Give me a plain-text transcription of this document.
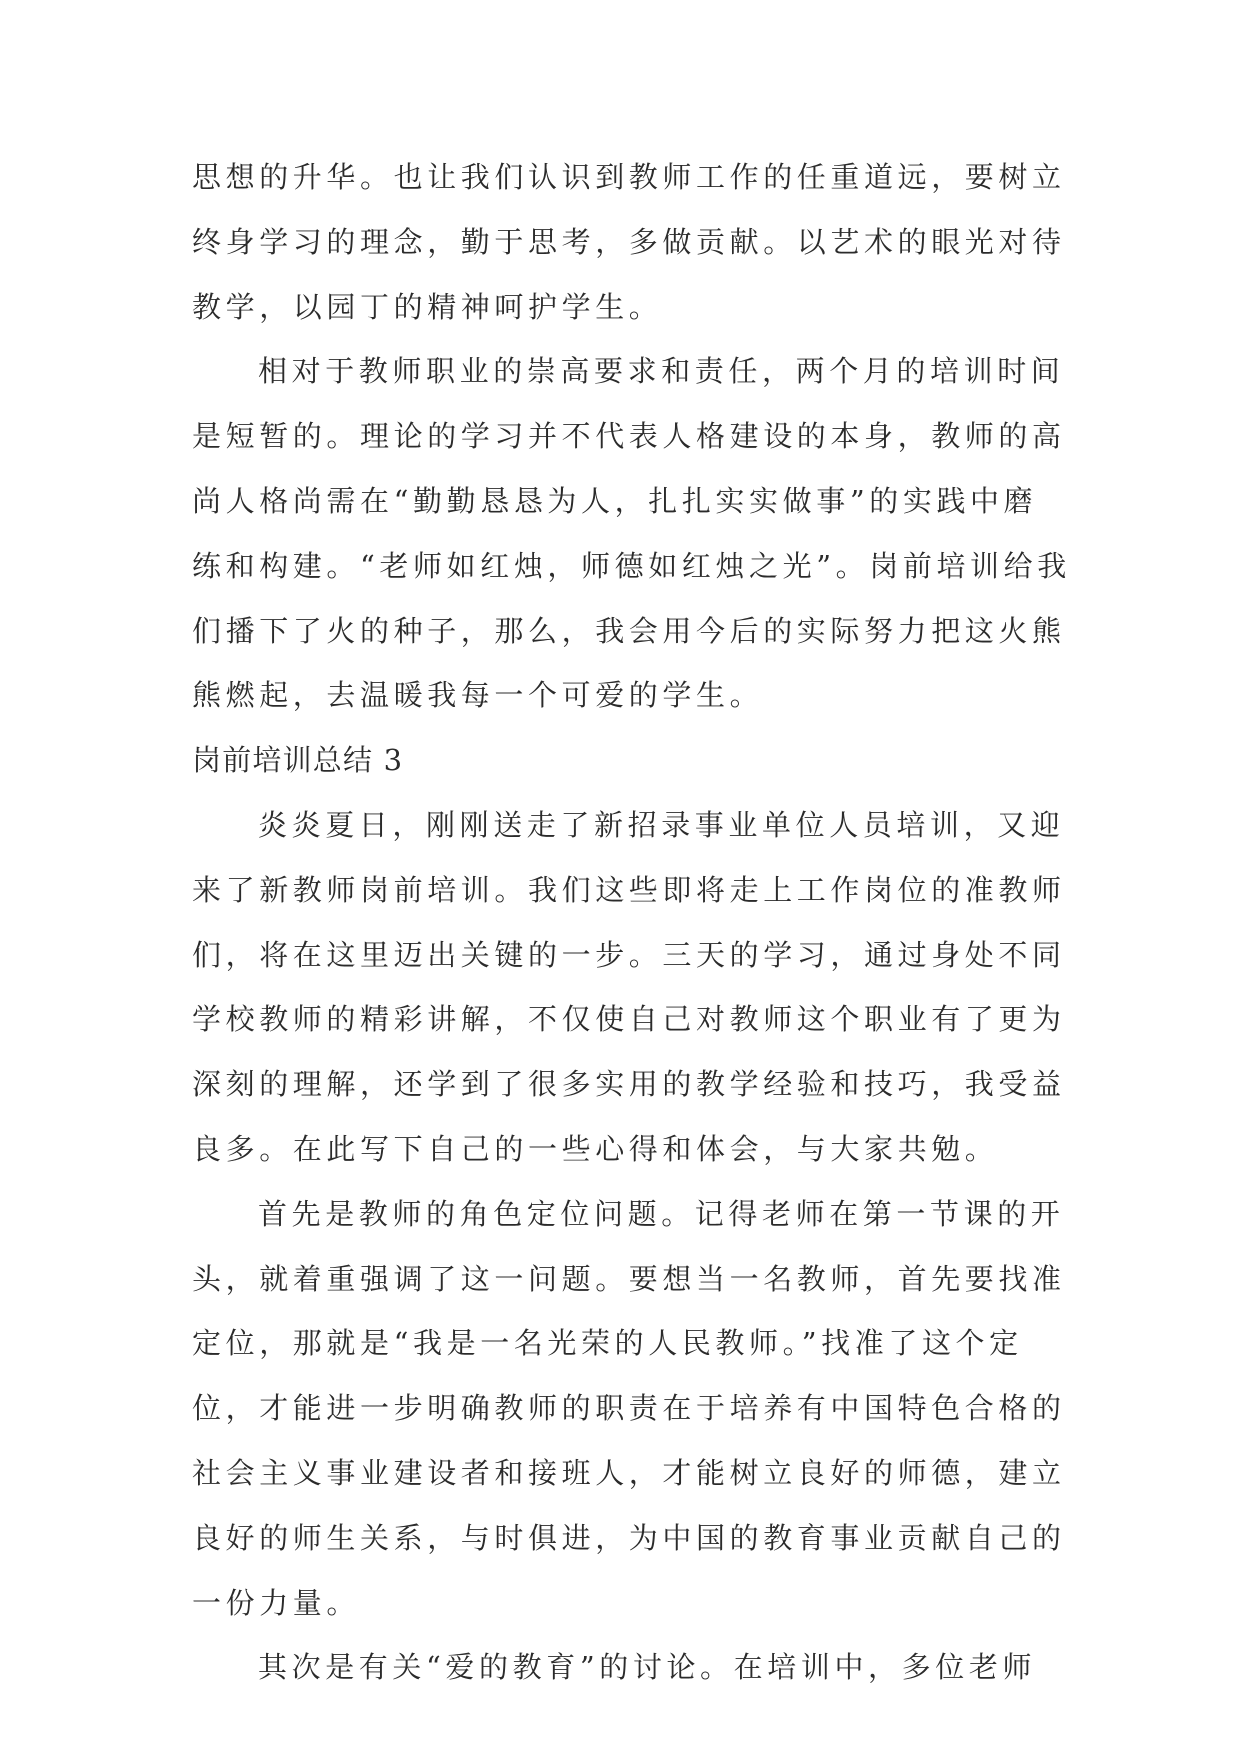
思想的升华。也让我们认识到教师工作的任重道远，要树立
终身学习的理念，勤于思考，多做贡献。以艺术的眼光对待
教学，以园丁的精神呵护学生。
相对于教师职业的崇高要求和责任，两个月的培训时间
是短暂的。理论的学习并不代表人格建设的本身，教师的高
尚人格尚需在“勤勤恳恳为人，扎扎实实做事”的实践中磨
练和构建。“老师如红烛，师德如红烛之光”。岗前培训给我
们播下了火的种子，那么，我会用今后的实际努力把这火熊
熊燃起，去温暖我每一个可爱的学生。
岗前培训总结 3
炎炎夏日，刚刚送走了新招录事业单位人员培训，又迎
来了新教师岗前培训。我们这些即将走上工作岗位的准教师
们，将在这里迈出关键的一步。三天的学习，通过身处不同
学校教师的精彩讲解，不仅使自己对教师这个职业有了更为
深刻的理解，还学到了很多实用的教学经验和技巧，我受益
良多。在此写下自己的一些心得和体会，与大家共勉。
首先是教师的角色定位问题。记得老师在第一节课的开
头，就着重强调了这一问题。要想当一名教师，首先要找准
定位，那就是“我是一名光荣的人民教师。”找准了这个定
位，才能进一步明确教师的职责在于培养有中国特色合格的
社会主义事业建设者和接班人，才能树立良好的师德，建立
良好的师生关系，与时俱进，为中国的教育事业贡献自己的
一份力量。
其次是有关“爱的教育”的讨论。在培训中，多位老师
